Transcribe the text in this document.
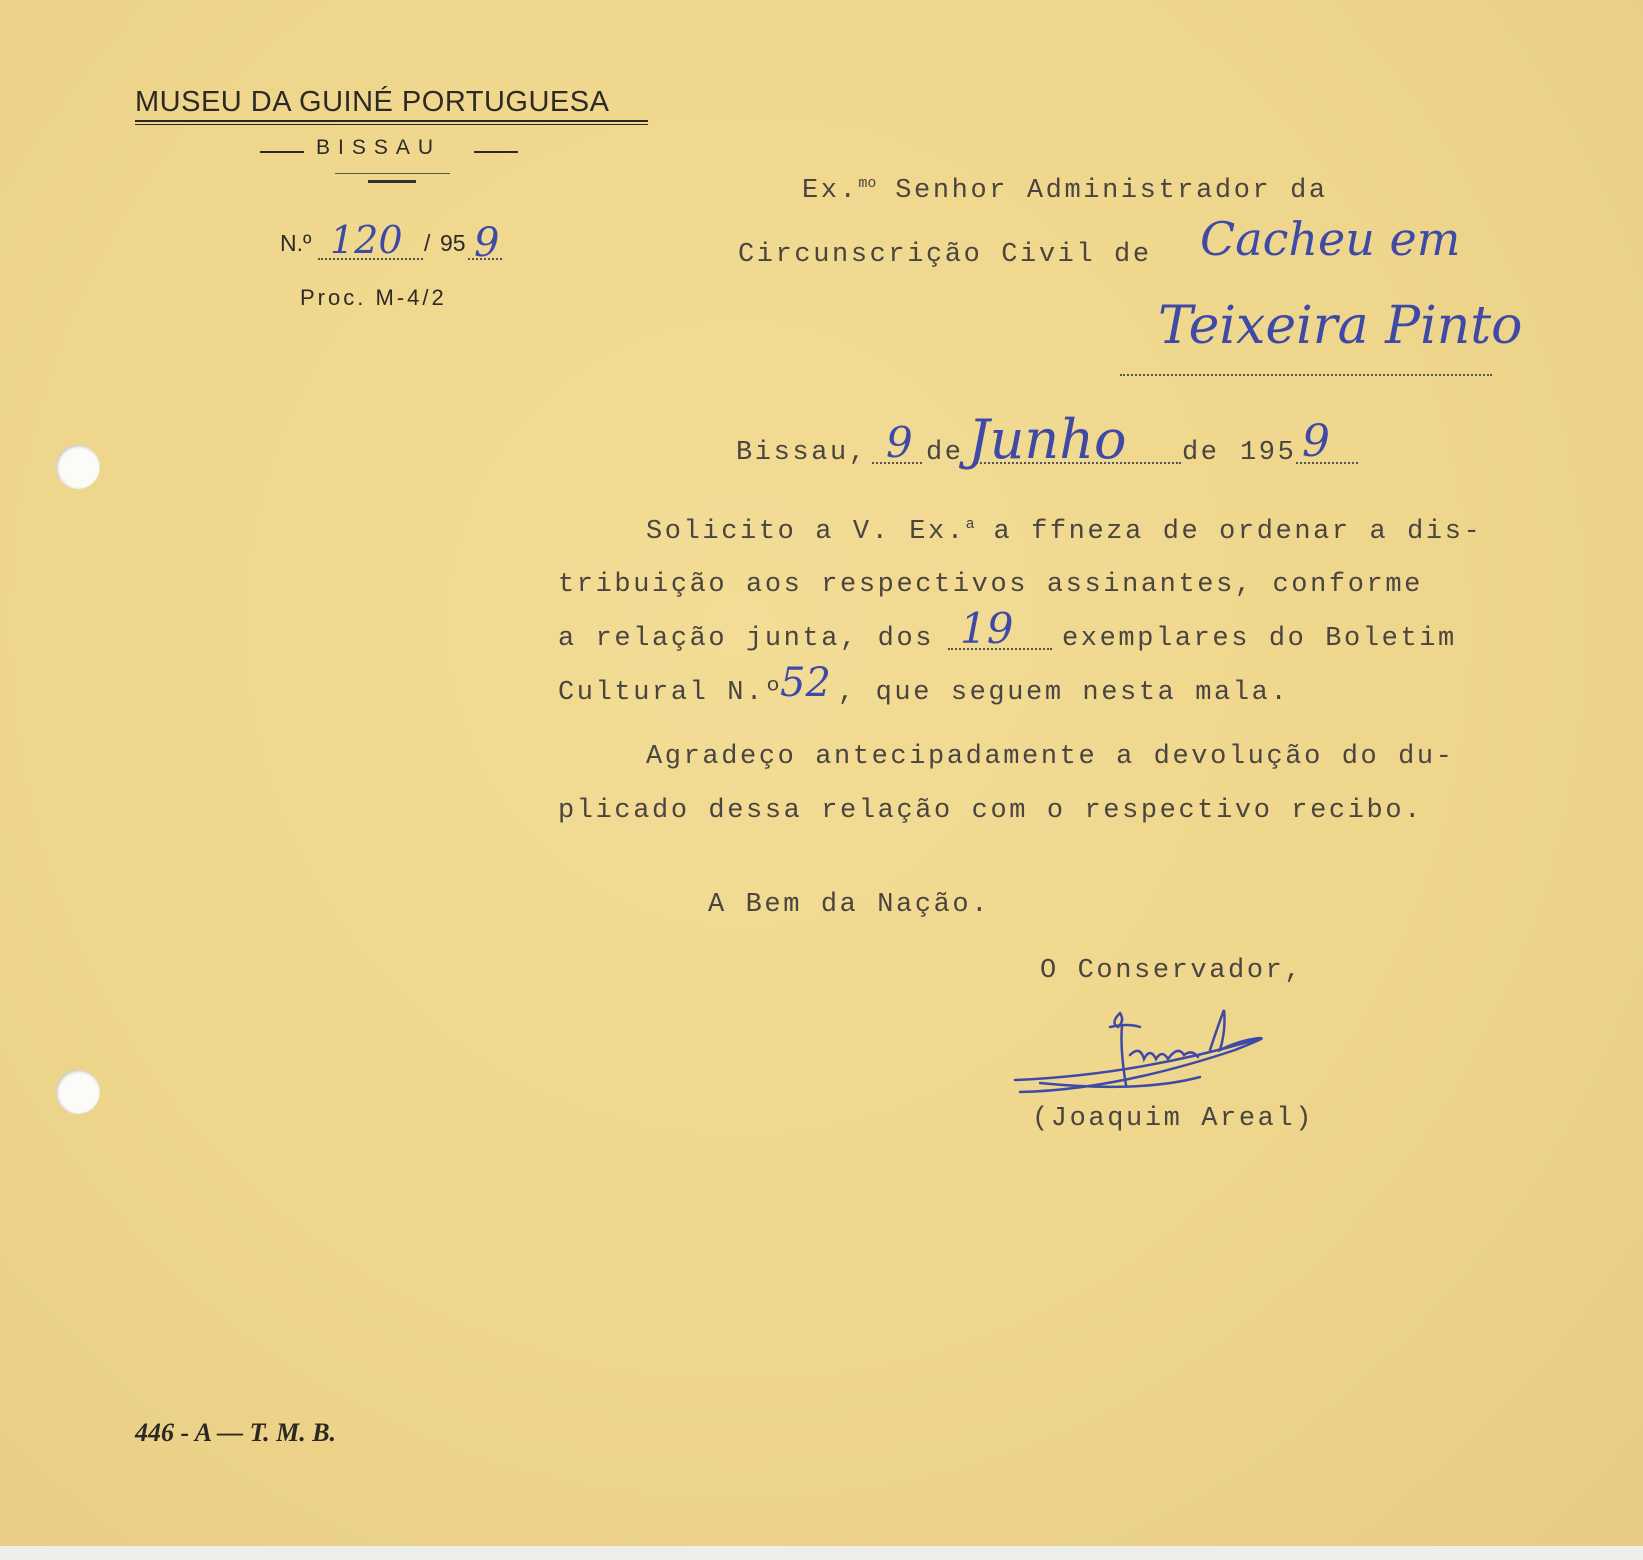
MUSEU DA GUINÉ PORTUGUESA
BISSAU
N.º 120 / 95 9
Proc. M-4/2
Ex.$^{mo}$ Senhor Administrador da
Circunscrição Civil de Cacheu em
Teixeira Pinto
Bissau, 9 de Junho de 195 9
Solicito a V. Ex.$^a$ a ffneza de ordenar a dis-
tribuição aos respectivos assinantes, conforme
a relação junta, dos 19 exemplares do Boletim
Cultural N.º
52 , que seguem nesta mala.
Agradeço antecipadamente a devolução do du-
plicado dessa relação com o respectivo recibo.
A Bem da Nação.
O Conservador,
(Joaquim Areal)
446 - A — T. M. B.
